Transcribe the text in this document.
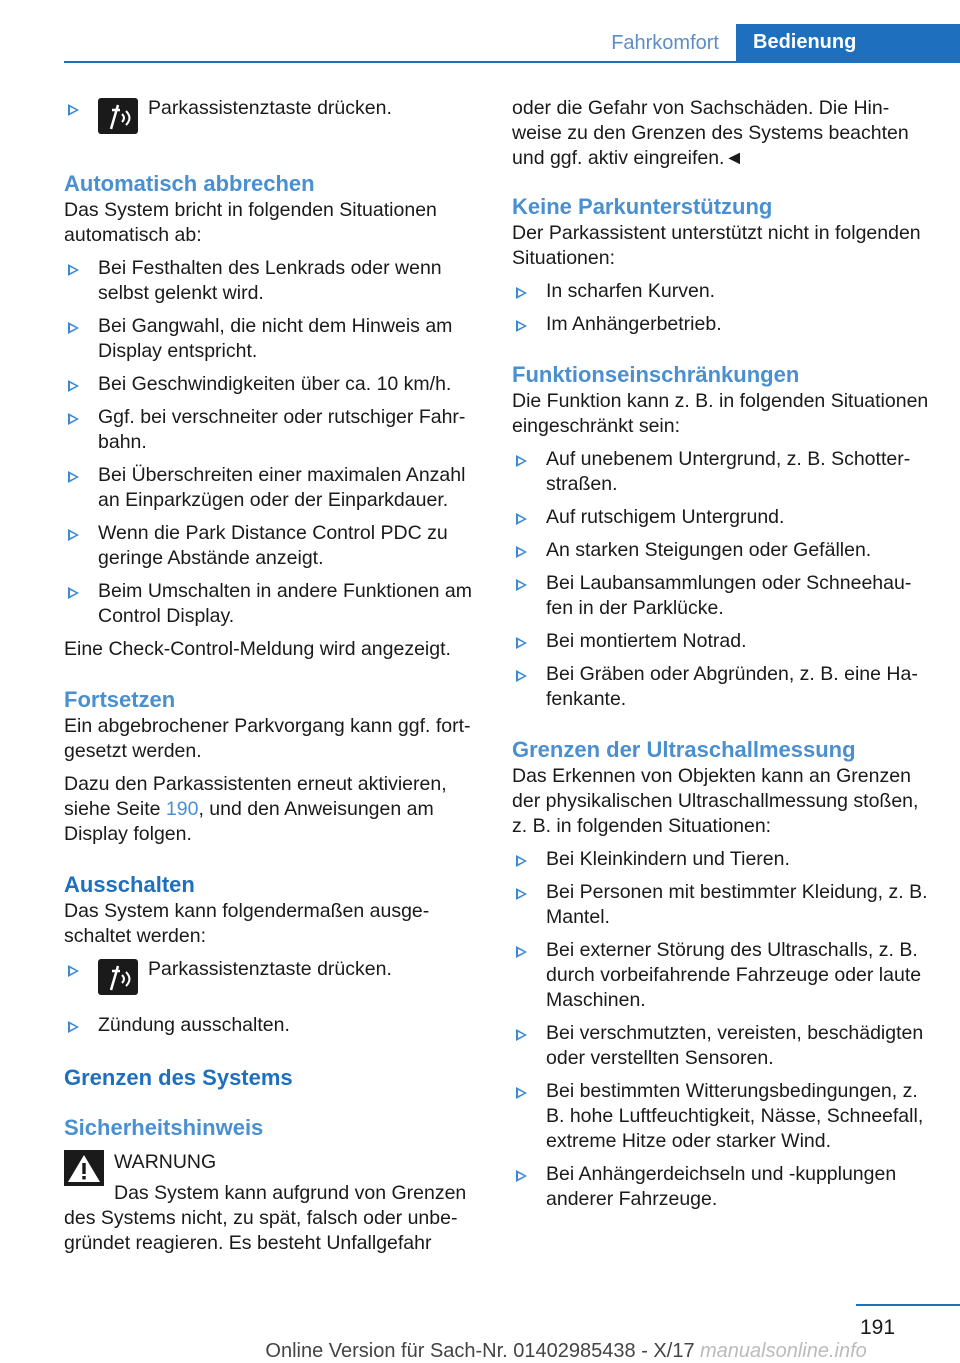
Fahrkomfort	Bedienung
Parkassistenztaste drücken.

Automatisch abbrechen

Das System bricht in folgenden Situationen automatisch ab:

Bei Festhalten des Lenkrads oder wenn selbst gelenkt wird.
Bei Gangwahl, die nicht dem Hinweis am Display entspricht.
Bei Geschwindigkeiten über ca. 10 km/h.
Ggf. bei verschneiter oder rutschiger Fahrbahn.
Bei Überschreiten einer maximalen Anzahl an Einparkzügen oder der Einparkdauer.
Wenn die Park Distance Control PDC zu geringe Abstände anzeigt.
Beim Umschalten in andere Funktionen am Control Display.

Eine Check-Control-Meldung wird angezeigt.

Fortsetzen

Ein abgebrochener Parkvorgang kann ggf. fortgesetzt werden.

Dazu den Parkassistenten erneut aktivieren, siehe Seite 190, und den Anweisungen am Display folgen.

Ausschalten

Das System kann folgendermaßen ausgeschaltet werden:

Parkassistenztaste drücken.
Zündung ausschalten.

Grenzen des Systems

Sicherheitshinweis

WARNUNG

Das System kann aufgrund von Grenzen des Systems nicht, zu spät, falsch oder unbegründet reagieren. Es besteht Unfallgefahr

oder die Gefahr von Sachschäden. Die Hinweise zu den Grenzen des Systems beachten und ggf. aktiv eingreifen.◄

Keine Parkunterstützung

Der Parkassistent unterstützt nicht in folgenden Situationen:

In scharfen Kurven.
Im Anhängerbetrieb.

Funktionseinschränkungen

Die Funktion kann z. B. in folgenden Situationen eingeschränkt sein:

Auf unebenem Untergrund, z. B. Schotterstraßen.
Auf rutschigem Untergrund.
An starken Steigungen oder Gefällen.
Bei Laubansammlungen oder Schneehaufen in der Parklücke.
Bei montiertem Notrad.
Bei Gräben oder Abgründen, z. B. eine Hafenkante.

Grenzen der Ultraschallmessung

Das Erkennen von Objekten kann an Grenzen der physikalischen Ultraschallmessung stoßen, z. B. in folgenden Situationen:

Bei Kleinkindern und Tieren.
Bei Personen mit bestimmter Kleidung, z. B. Mantel.
Bei externer Störung des Ultraschalls, z. B. durch vorbeifahrende Fahrzeuge oder laute Maschinen.
Bei verschmutzten, vereisten, beschädigten oder verstellten Sensoren.
Bei bestimmten Witterungsbedingungen, z. B. hohe Luftfeuchtigkeit, Nässe, Schneefall, extreme Hitze oder starker Wind.
Bei Anhängerdeichseln und -kupplungen anderer Fahrzeuge.
191
Online Version für Sach-Nr. 01402985438 - X/17 manualsonline.info
